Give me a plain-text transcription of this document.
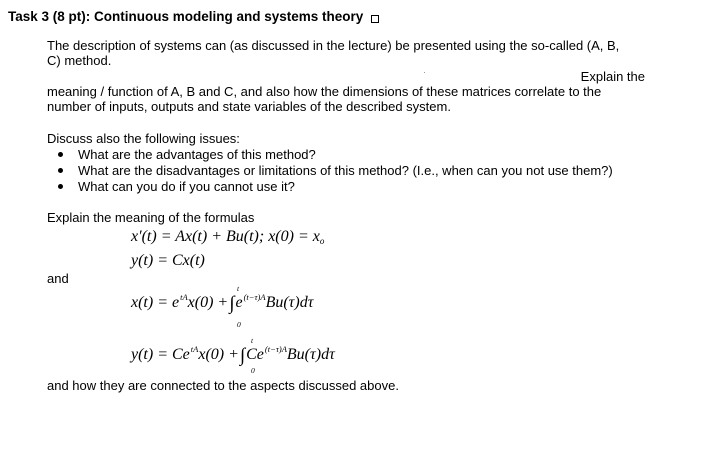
Task 3 (8 pt): Continuous modeling and systems theory
The description of systems can (as discussed in the lecture) be presented using the so-called (A, B,
C) method.
Explain the
meaning / function of A, B and C, and also how the dimensions of these matrices correlate to the
number of inputs, outputs and state variables of the described system.
Discuss also the following issues:
What are the advantages of this method?
What are the disadvantages or limitations of this method? (I.e., when can you not use them?)
What can you do if you cannot use it?
Explain the meaning of the formulas
x′(t) = Ax(t) + Bu(t); $x(0) = x_o$
y(t) = Cx(t)
and
t
$x(t) = e^{tA}x(0) +\int e^{(t-\tau)A}Bu(\tau)d\tau$
0
t
$y(t) = Ce^{tA}x(0) +\int Ce^{(t-\tau)A}Bu(\tau)d\tau$
0
and how they are connected to the aspects discussed above.
